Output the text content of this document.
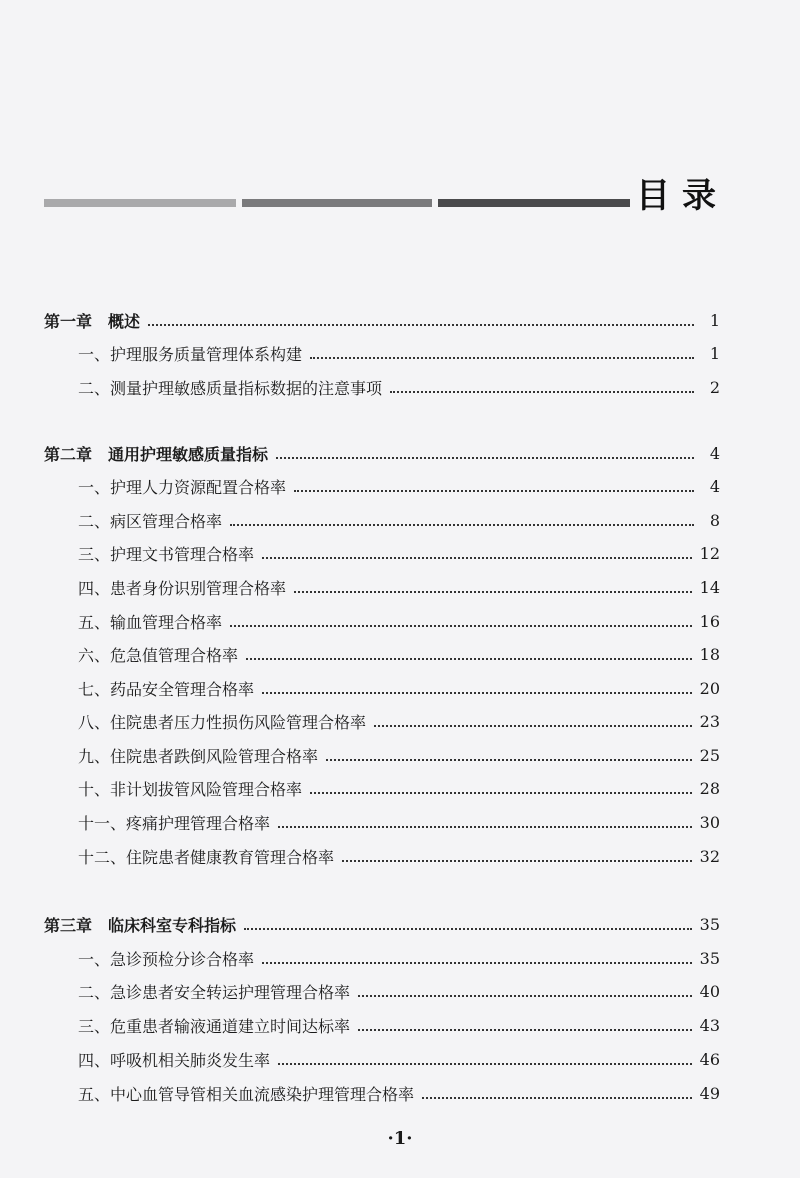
目录
第一章　概述	1
一、护理服务质量管理体系构建	1
二、测量护理敏感质量指标数据的注意事项	2
第二章　通用护理敏感质量指标	4
一、护理人力资源配置合格率	4
二、病区管理合格率	8
三、护理文书管理合格率	12
四、患者身份识别管理合格率	14
五、输血管理合格率	16
六、危急值管理合格率	18
七、药品安全管理合格率	20
八、住院患者压力性损伤风险管理合格率	23
九、住院患者跌倒风险管理合格率	25
十、非计划拔管风险管理合格率	28
十一、疼痛护理管理合格率	30
十二、住院患者健康教育管理合格率	32
第三章　临床科室专科指标	35
一、急诊预检分诊合格率	35
二、急诊患者安全转运护理管理合格率	40
三、危重患者输液通道建立时间达标率	43
四、呼吸机相关肺炎发生率	46
五、中心血管导管相关血流感染护理管理合格率	49
·1·
